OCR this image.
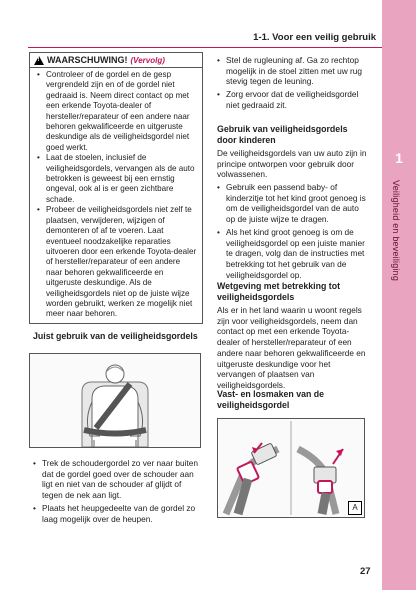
1-1. Voor een veilig gebruik
1
Veiligheid en beveiliging
!
WAARSCHUWING! (Vervolg)
• Controleer of de gordel en de gesp vergrendeld zijn en of de gordel niet gedraaid is. Neem direct contact op met een erkende Toyota-dealer of hersteller/reparateur of een andere naar behoren gekwalificeerde en uitgeruste deskundige als de veiligheidsgordel niet goed werkt.
• Laat de stoelen, inclusief de veiligheidsgordels, vervangen als de auto betrokken is geweest bij een ernstig ongeval, ook al is er geen zichtbare schade.
• Probeer de veiligheidsgordels niet zelf te plaatsen, verwijderen, wijzigen of demonteren of af te voeren. Laat eventueel noodzakelijke reparaties uitvoeren door een erkende Toyota-dealer of hersteller/reparateur of een andere naar behoren gekwalificeerde en uitgeruste deskundige. Als de veiligheidsgordels niet op de juiste wijze worden gebruikt, werken ze mogelijk niet meer naar behoren.
Juist gebruik van de veiligheidsgordels
• Trek de schoudergordel zo ver naar buiten dat de gordel goed over de schouder aan ligt en niet van de schouder af glijdt of tegen de nek aan ligt.
• Plaats het heupgedeelte van de gordel zo laag mogelijk over de heupen.
• Stel de rugleuning af. Ga zo rechtop mogelijk in de stoel zitten met uw rug stevig tegen de leuning.
• Zorg ervoor dat de veiligheidsgordel niet gedraaid zit.
Gebruik van veiligheidsgordels door kinderen
De veiligheidsgordels van uw auto zijn in principe ontworpen voor gebruik door volwassenen.
• Gebruik een passend baby- of kinderzitje tot het kind groot genoeg is om de veiligheidsgordel van de auto op de juiste wijze te dragen.
• Als het kind groot genoeg is om de veiligheidsgordel op een juiste manier te dragen, volg dan de instructies met betrekking tot het gebruik van de veiligheidsgordel op.
Wetgeving met betrekking tot veiligheidsgordels
Als er in het land waarin u woont regels zijn voor veiligheidsgordels, neem dan contact op met een erkende Toyota-dealer of hersteller/reparateur of een andere naar behoren gekwalificeerde en uitgeruste deskundige voor het vervangen of plaatsen van veiligheidsgordels.
Vast- en losmaken van de veiligheidsgordel
A
27
